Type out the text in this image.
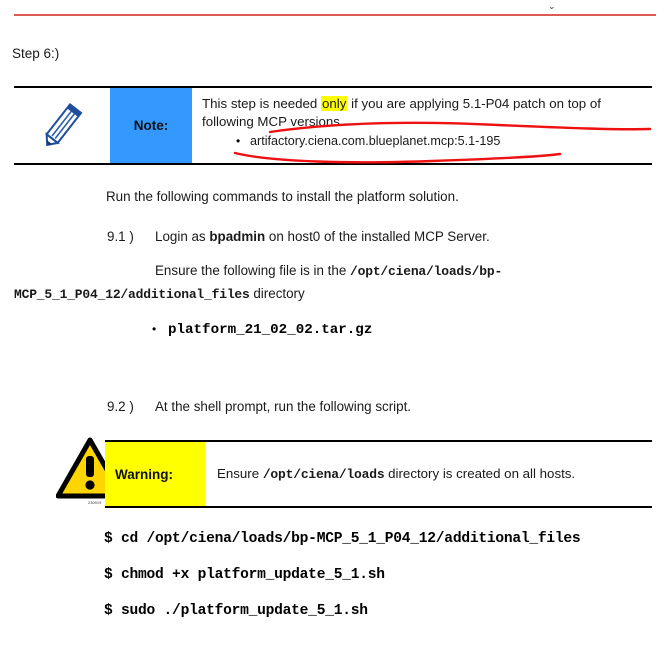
⌄
Step 6:)
Note:
This step is needed only if you are applying 5.1-P04 patch on top of
following MCP versions.
• artifactory.ciena.com.blueplanet.mcp:5.1-195
Run the following commands to install the platform solution.
9.1 ) Login as bpadmin on host0 of the installed MCP Server.
Ensure the following file is in the /opt/ciena/loads/bp-
MCP_5_1_P04_12/additional_files directory
• platform_21_02_02.tar.gz
9.2 ) At the shell prompt, run the following script.
230919
Warning:	Ensure /opt/ciena/loads directory is created on all hosts.
$ cd /opt/ciena/loads/bp-MCP_5_1_P04_12/additional_files
$ chmod +x platform_update_5_1.sh
$ sudo ./platform_update_5_1.sh
